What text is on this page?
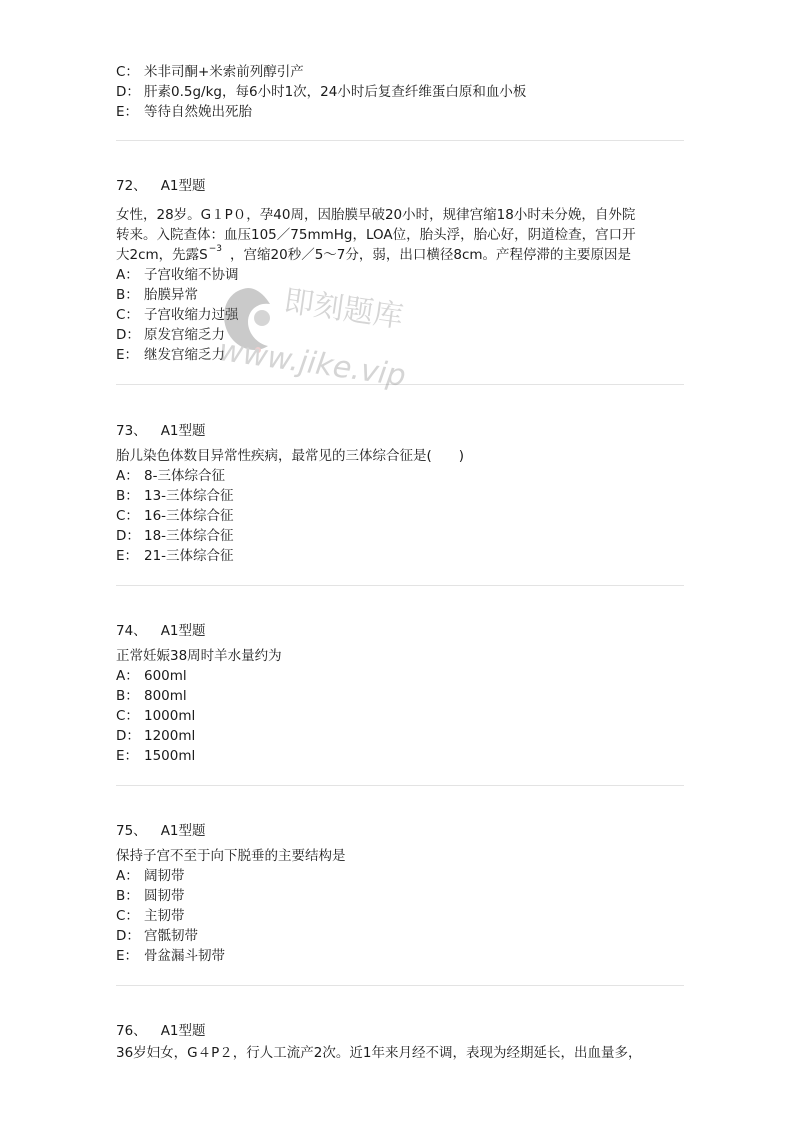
C： 米非司酮+米索前列醇引产
D： 肝素0.5g/kg，每6小时1次，24小时后复查纤维蛋白原和血小板
E： 等待自然娩出死胎
72、 A1型题
女性，28岁。G１P０，孕40周，因胎膜早破20小时，规律宫缩18小时未分娩，自外院
转来。入院查体：血压105／75mmHg，LOA位，胎头浮，胎心好，阴道检查，宫口开
大2cm，先露$S^{-3}$ ，宫缩20秒／5～7分，弱，出口横径8cm。产程停滞的主要原因是
A： 子宫收缩不协调
B： 胎膜异常
C： 子宫收缩力过强
D： 原发宫缩乏力
E： 继发宫缩乏力
73、 A1型题
胎儿染色体数目异常性疾病，最常见的三体综合征是(　　)
A： 8-三体综合征
B： 13-三体综合征
C： 16-三体综合征
D： 18-三体综合征
E： 21-三体综合征
74、 A1型题
正常妊娠38周时羊水量约为
A： 600ml
B： 800ml
C： 1000ml
D： 1200ml
E： 1500ml
75、 A1型题
保持子宫不至于向下脱垂的主要结构是
A： 阔韧带
B： 圆韧带
C： 主韧带
D： 宫骶韧带
E： 骨盆漏斗韧带
76、 A1型题
36岁妇女，G４P２，行人工流产2次。近1年来月经不调，表现为经期延长，出血量多，
即刻题库
www.jike.vip
